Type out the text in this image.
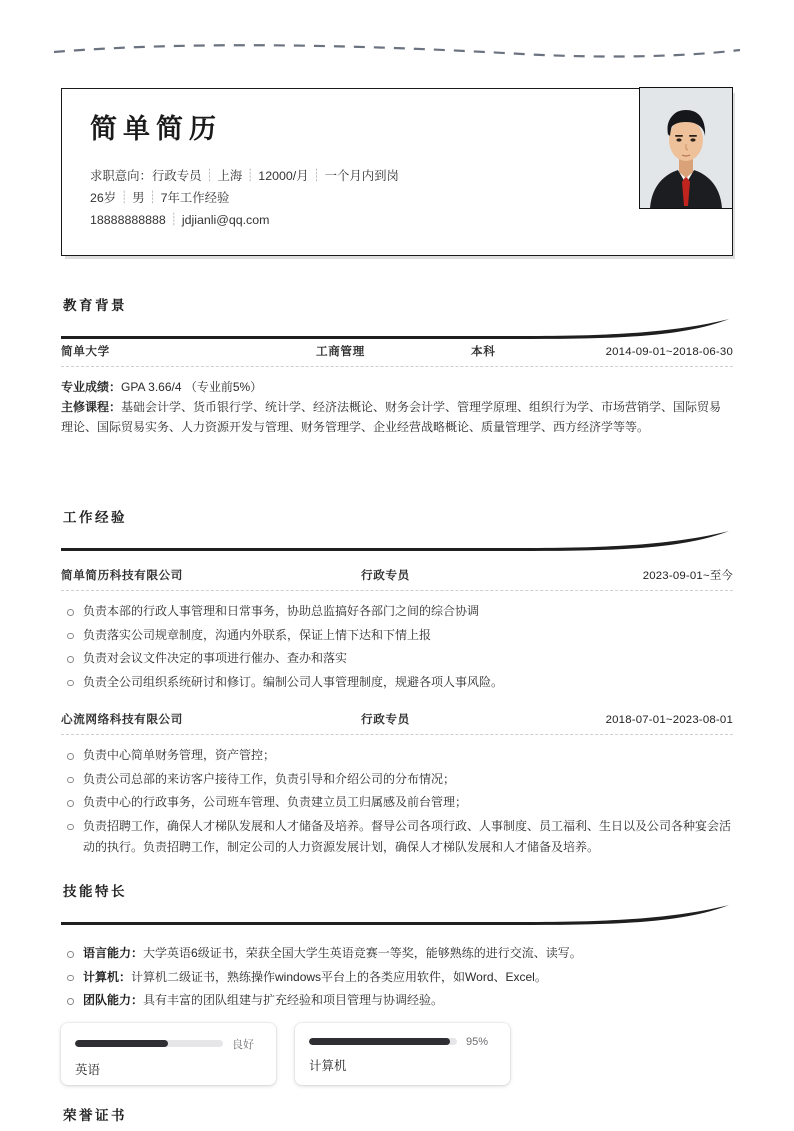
简单简历
求职意向：行政专员 ┊ 上海 ┊ 12000/月 ┊ 一个月内到岗
26岁 ┊ 男 ┊ 7年工作经验
18888888888 ┊ jdjianli@qq.com
教育背景
简单大学	工商管理	本科	2014-09-01~2018-06-30
专业成绩：GPA 3.66/4 （专业前5%）
主修课程：基础会计学、货币银行学、统计学、经济法概论、财务会计学、管理学原理、组织行为学、市场营销学、国际贸易理论、国际贸易实务、人力资源开发与管理、财务管理学、企业经营战略概论、质量管理学、西方经济学等等。
工作经验
简单简历科技有限公司	行政专员	2023-09-01~至今
负责本部的行政人事管理和日常事务，协助总监搞好各部门之间的综合协调
负责落实公司规章制度，沟通内外联系，保证上情下达和下情上报
负责对会议文件决定的事项进行催办、查办和落实
负责全公司组织系统研讨和修订。编制公司人事管理制度，规避各项人事风险。
心流网络科技有限公司	行政专员	2018-07-01~2023-08-01
负责中心简单财务管理，资产管控；
负责公司总部的来访客户接待工作，负责引导和介绍公司的分布情况；
负责中心的行政事务，公司班车管理、负责建立员工归属感及前台管理；
负责招聘工作，确保人才梯队发展和人才储备及培养。督导公司各项行政、人事制度、员工福利、生日以及公司各种宴会活动的执行。负责招聘工作，制定公司的人力资源发展计划，确保人才梯队发展和人才储备及培养。
技能特长
语言能力：大学英语6级证书，荣获全国大学生英语竞赛一等奖，能够熟练的进行交流、读写。
计算机：计算机二级证书，熟练操作windows平台上的各类应用软件，如Word、Excel。
团队能力：具有丰富的团队组建与扩充经验和项目管理与协调经验。
良好
英语
95%
计算机
荣誉证书
